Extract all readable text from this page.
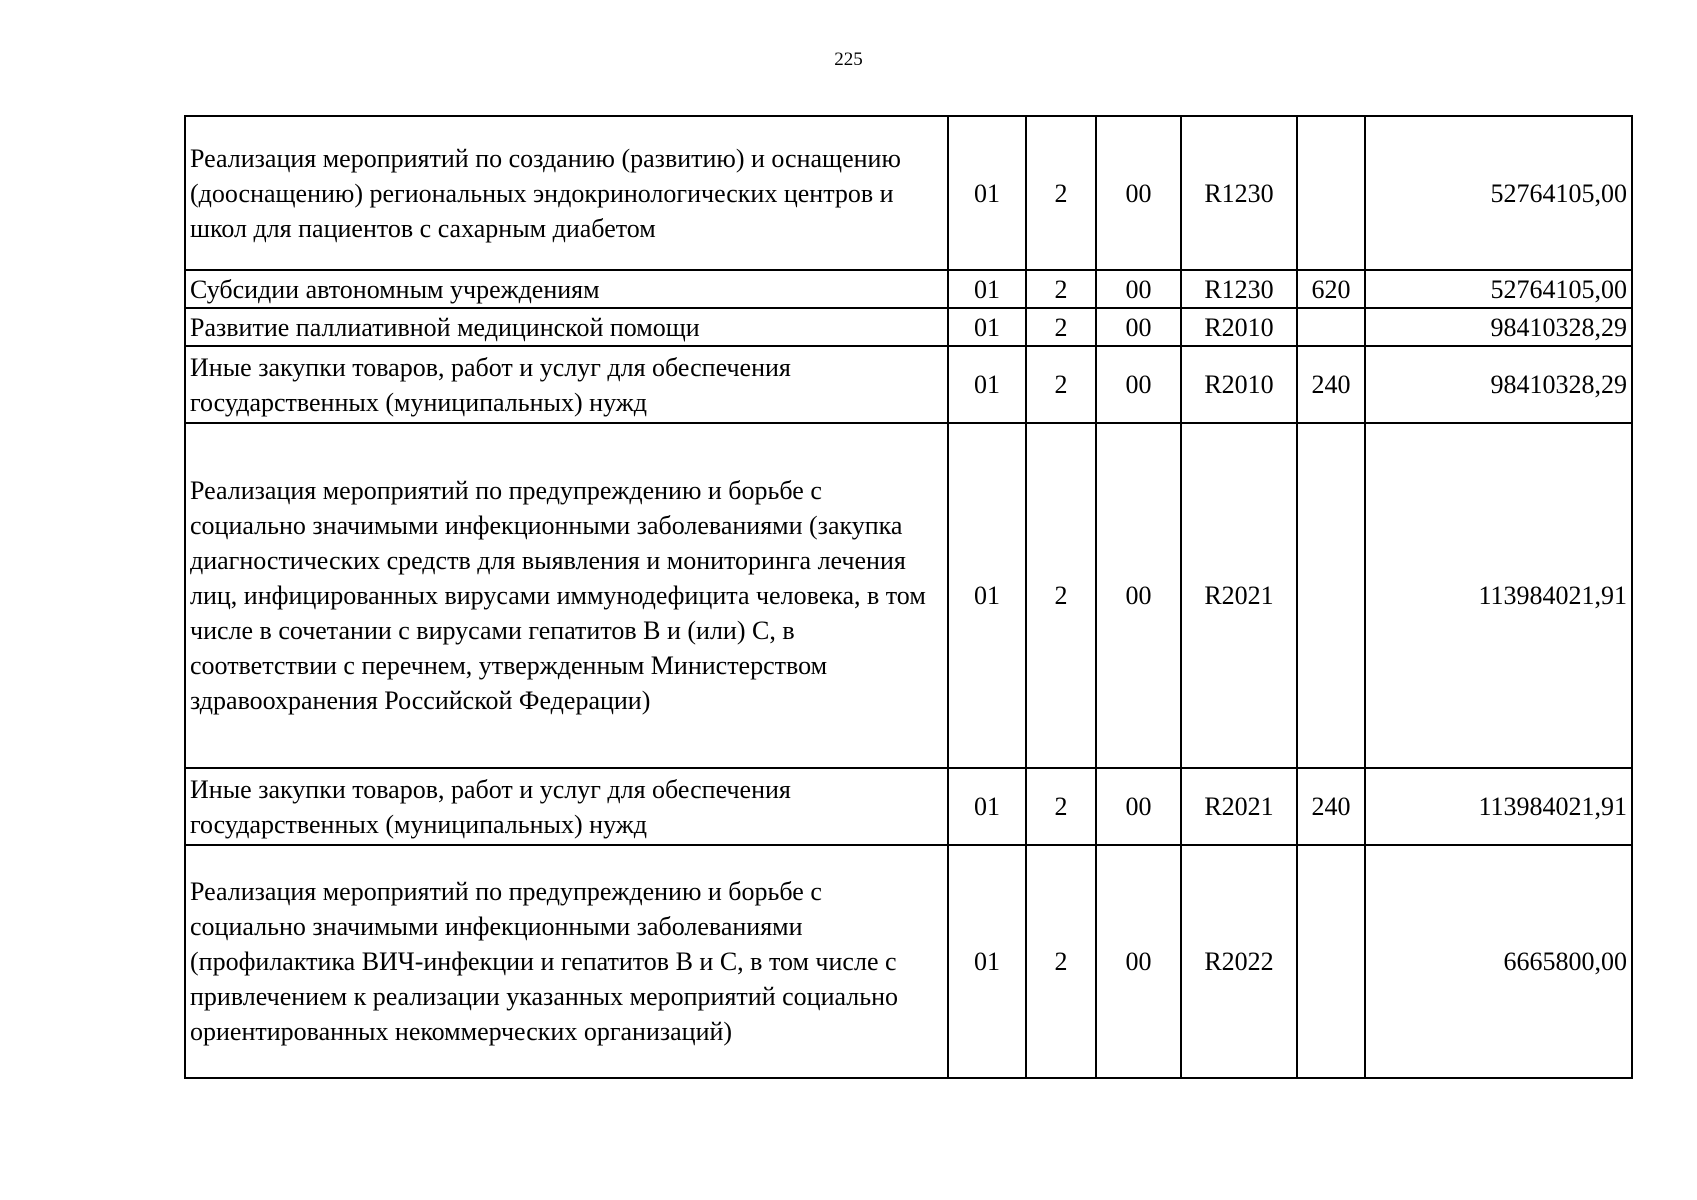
225
Реализация мероприятий по созданию (развитию) и оснащению (дооснащению) региональных эндокринологических центров и школ для пациентов с сахарным диабетом	01	2	00	R1230		52764105,00
Субсидии автономным учреждениям	01	2	00	R1230	620	52764105,00
Развитие паллиативной медицинской помощи	01	2	00	R2010		98410328,29
Иные закупки товаров, работ и услуг для обеспечения государственных (муниципальных) нужд	01	2	00	R2010	240	98410328,29
Реализация мероприятий по предупреждению и борьбе с социально значимыми инфекционными заболеваниями (закупка диагностических средств для выявления и мониторинга лечения лиц, инфицированных вирусами иммунодефицита человека, в том числе в сочетании с вирусами гепатитов B и (или) C, в соответствии с перечнем, утвержденным Министерством здравоохранения Российской Федерации)	01	2	00	R2021		113984021,91
Иные закупки товаров, работ и услуг для обеспечения государственных (муниципальных) нужд	01	2	00	R2021	240	113984021,91
Реализация мероприятий по предупреждению и борьбе с социально значимыми инфекционными заболеваниями (профилактика ВИЧ-инфекции и гепатитов B и C, в том числе с привлечением к реализации указанных мероприятий социально ориентированных некоммерческих организаций)	01	2	00	R2022		6665800,00
